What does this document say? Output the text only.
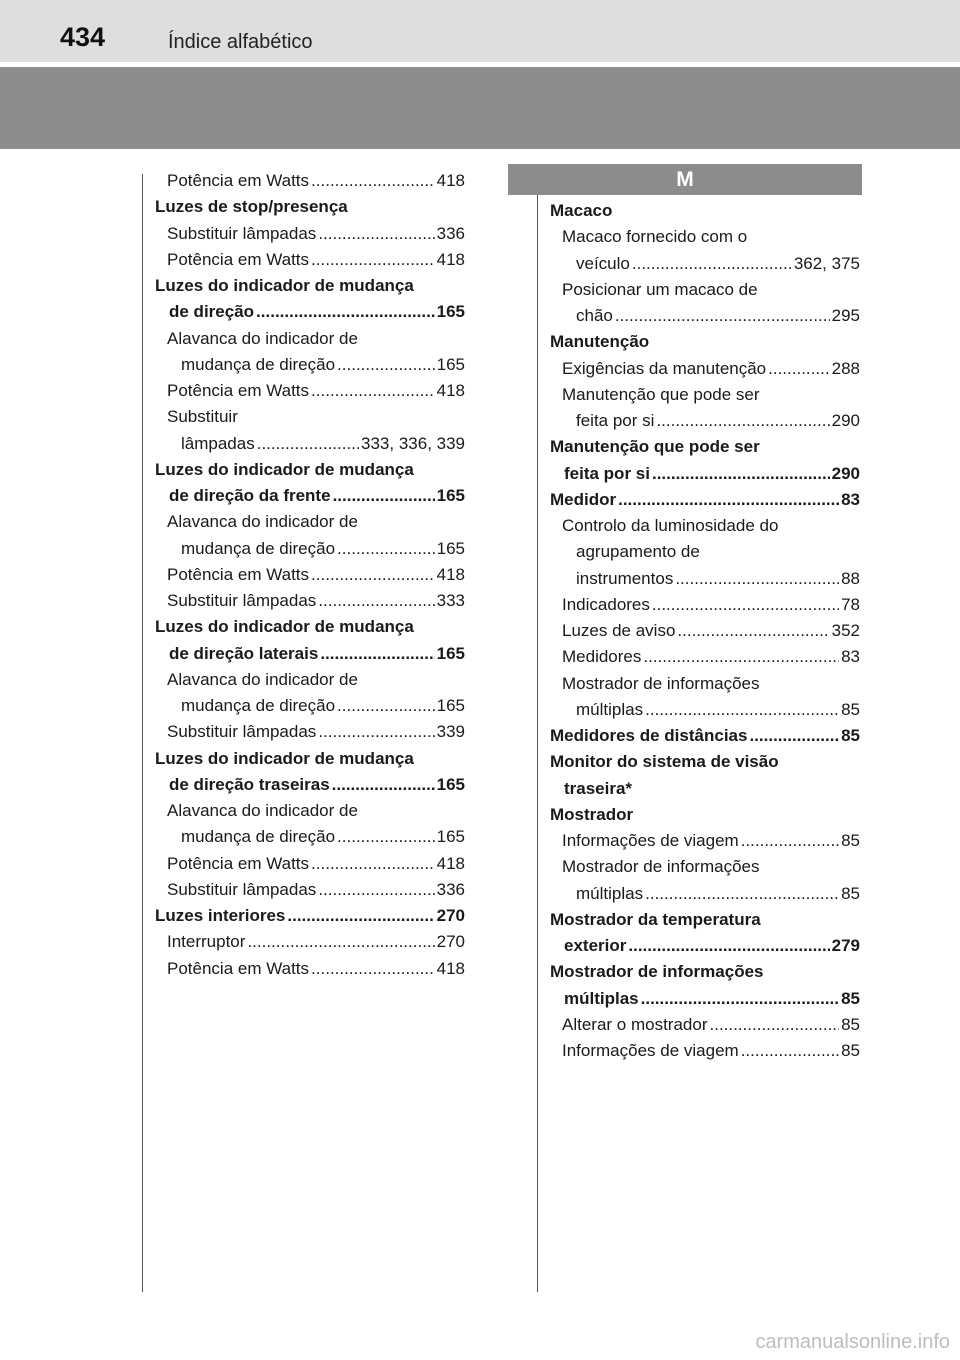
434	Índice alfabético
Potência em Watts .....	418
Luzes de stop/presença
Substituir lâmpadas .....	336
Potência em Watts .....	418
Luzes do indicador de mudança
de direção .....	165
Alavanca do indicador de
mudança de direção .....	165
Potência em Watts .....	418
Substituir
lâmpadas .....	333, 336, 339
Luzes do indicador de mudança
de direção da frente .....	165
Alavanca do indicador de
mudança de direção .....	165
Potência em Watts .....	418
Substituir lâmpadas .....	333
Luzes do indicador de mudança
de direção laterais .....	165
Alavanca do indicador de
mudança de direção .....	165
Substituir lâmpadas .....	339
Luzes do indicador de mudança
de direção traseiras .....	165
Alavanca do indicador de
mudança de direção .....	165
Potência em Watts .....	418
Substituir lâmpadas .....	336
Luzes interiores .....	270
Interruptor .....	270
Potência em Watts .....	418
M
Macaco
Macaco fornecido com o
veículo .....	362, 375
Posicionar um macaco de
chão .....	295
Manutenção
Exigências da manutenção .....	288
Manutenção que pode ser
feita por si .....	290
Manutenção que pode ser
feita por si .....	290
Medidor .....	83
Controlo da luminosidade do
agrupamento de
instrumentos .....	88
Indicadores .....	78
Luzes de aviso .....	352
Medidores .....	83
Mostrador de informações
múltiplas .....	85
Medidores de distâncias .....	85
Monitor do sistema de visão
traseira*
Mostrador
Informações de viagem .....	85
Mostrador de informações
múltiplas .....	85
Mostrador da temperatura
exterior .....	279
Mostrador de informações
múltiplas .....	85
Alterar o mostrador .....	85
Informações de viagem .....	85
carmanualsonline.info
